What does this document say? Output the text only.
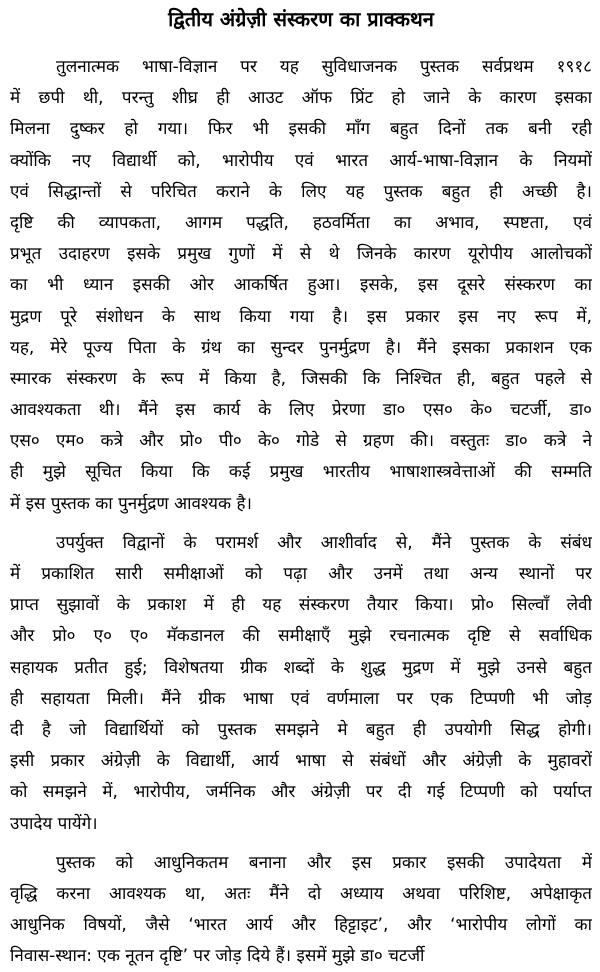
द्वितीय अंग्रेज़ी संस्करण का प्राक्कथन
तुलनात्मक भाषा-विज्ञान पर यह सुविधाजनक पुस्तक सर्वप्रथम १९१८
में छपी थी, परन्तु शीघ्र ही आउट ऑफ प्रिंट हो जाने के कारण इसका
मिलना दुष्कर हो गया। फिर भी इसकी माँग बहुत दिनों तक बनी रही
क्योंकि नए विद्यार्थी को, भारोपीय एवं भारत आर्य-भाषा-विज्ञान के नियमों
एवं सिद्धान्तों से परिचित कराने के लिए यह पुस्तक बहुत ही अच्छी है।
दृष्टि की व्यापकता, आगम पद्धति, हठवर्मिता का अभाव, स्पष्टता, एवं
प्रभूत उदाहरण इसके प्रमुख गुणों में से थे जिनके कारण यूरोपीय आलोचकों
का भी ध्यान इसकी ओर आकर्षित हुआ। इसके, इस दूसरे संस्करण का
मुद्रण पूरे संशोधन के साथ किया गया है। इस प्रकार इस नए रूप में,
यह, मेरे पूज्य पिता के ग्रंथ का सुन्दर पुनर्मुद्रण है। मैंने इसका प्रकाशन एक
स्मारक संस्करण के रूप में किया है, जिसकी कि निश्चित ही, बहुत पहले से
आवश्यकता थी। मैंने इस कार्य के लिए प्रेरणा डा० एस० के० चटर्जी, डा०
एस० एम० कत्रे और प्रो० पी० के० गोडे से ग्रहण की। वस्तुतः डा० कत्रे ने
ही मुझे सूचित किया कि कई प्रमुख भारतीय भाषाशास्त्रवेत्ताओं की सम्मति
में इस पुस्तक का पुनर्मुद्रण आवश्यक है।
उपर्युक्त विद्वानों के परामर्श और आशीर्वाद से, मैंने पुस्तक के संबंध
में प्रकाशित सारी समीक्षाओं को पढ़ा और उनमें तथा अन्य स्थानों पर
प्राप्त सुझावों के प्रकाश में ही यह संस्करण तैयार किया। प्रो० सिल्वाँ लेवी
और प्रो० ए० ए० मॅकडानल की समीक्षाएँ मुझे रचनात्मक दृष्टि से सर्वाधिक
सहायक प्रतीत हुई; विशेषतया ग्रीक शब्दों के शुद्ध मुद्रण में मुझे उनसे बहुत
ही सहायता मिली। मैंने ग्रीक भाषा एवं वर्णमाला पर एक टिप्पणी भी जोड़
दी है जो विद्यार्थियों को पुस्तक समझने मे बहुत ही उपयोगी सिद्ध होगी।
इसी प्रकार अंग्रेज़ी के विद्यार्थी, आर्य भाषा से संबंधों और अंग्रेज़ी के मुहावरों
को समझने में, भारोपीय, जर्मनिक और अंग्रेज़ी पर दी गई टिप्पणी को पर्याप्त
उपादेय पायेंगे।
पुस्तक को आधुनिकतम बनाना और इस प्रकार इसकी उपादेयता में
वृद्धि करना आवश्यक था, अतः मैंने दो अध्याय अथवा परिशिष्ट, अपेक्षाकृत
आधुनिक विषयों, जैसे ‘भारत आर्य और हिट्टाइट’, और ‘भारोपीय लोगों का
निवास-स्थान: एक नूतन दृष्टि’ पर जोड़ दिये हैं। इसमें मुझे डा० चटर्जी
